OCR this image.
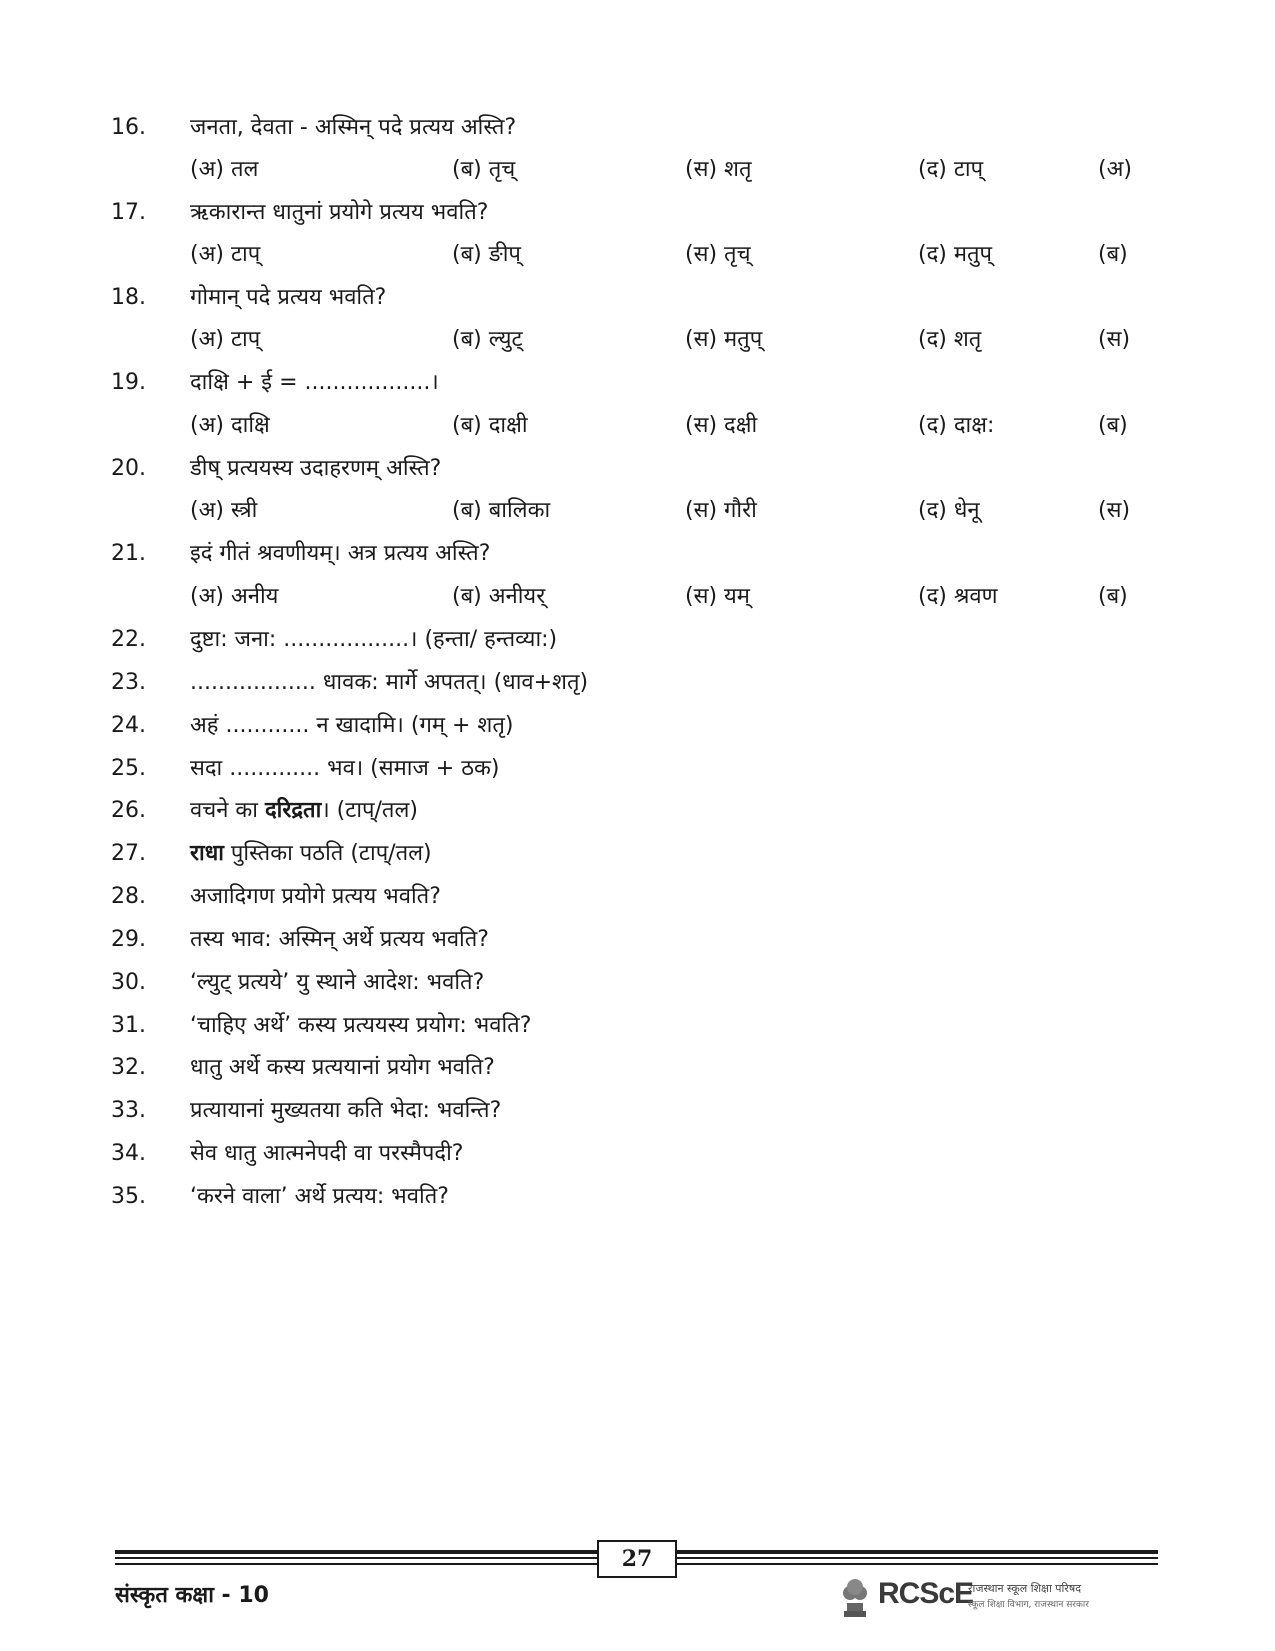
16. जनता, देवता - अस्मिन् पदे प्रत्यय अस्ति?
(अ) तल	(ब) तृच्	(स) शतृ	(द) टाप्	(अ)
17. ऋकारान्त धातुनां प्रयोगे प्रत्यय भवति?
(अ) टाप्	(ब) ङीप्	(स) तृच्	(द) मतुप्	(ब)
18. गोमान् पदे प्रत्यय भवति?
(अ) टाप्	(ब) ल्युट्	(स) मतुप्	(द) शतृ	(स)
19. दाक्षि + ई = ..................।
(अ) दाक्षि	(ब) दाक्षी	(स) दक्षी	(द) दाक्ष:	(ब)
20. डीष् प्रत्ययस्य उदाहरणम् अस्ति?
(अ) स्त्री	(ब) बालिका	(स) गौरी	(द) धेनू	(स)
21. इदं गीतं श्रवणीयम्। अत्र प्रत्यय अस्ति?
(अ) अनीय	(ब) अनीयर्	(स) यम्	(द) श्रवण	(ब)
22. दुष्टा: जना: ..................। (हन्ता/ हन्तव्या:)
23. .................. धावक: मार्गे अपतत्। (धाव+शतृ)
24. अहं ............ न खादामि। (गम् + शतृ)
25. सदा ............. भव। (समाज + ठक)
26. वचने का दरिद्रता। (टाप्/तल)
27. राधा पुस्तिका पठति (टाप्/तल)
28. अजादिगण प्रयोगे प्रत्यय भवति?
29. तस्य भाव: अस्मिन् अर्थे प्रत्यय भवति?
30. ‘ल्युट् प्रत्यये’ यु स्थाने आदेश: भवति?
31. ‘चाहिए अर्थे’ कस्य प्रत्ययस्य प्रयोग: भवति?
32. धातु अर्थे कस्य प्रत्ययानां प्रयोग भवति?
33. प्रत्यायानां मुख्यतया कति भेदा: भवन्ति?
34. सेव धातु आत्मनेपदी वा परस्मैपदी?
35. ‘करने वाला’ अर्थे प्रत्यय: भवति?
27
संस्कृत कक्षा - 10	RCScE
राजस्थान स्कूल शिक्षा परिषद
स्कूल शिक्षा विभाग, राजस्थान सरकार
